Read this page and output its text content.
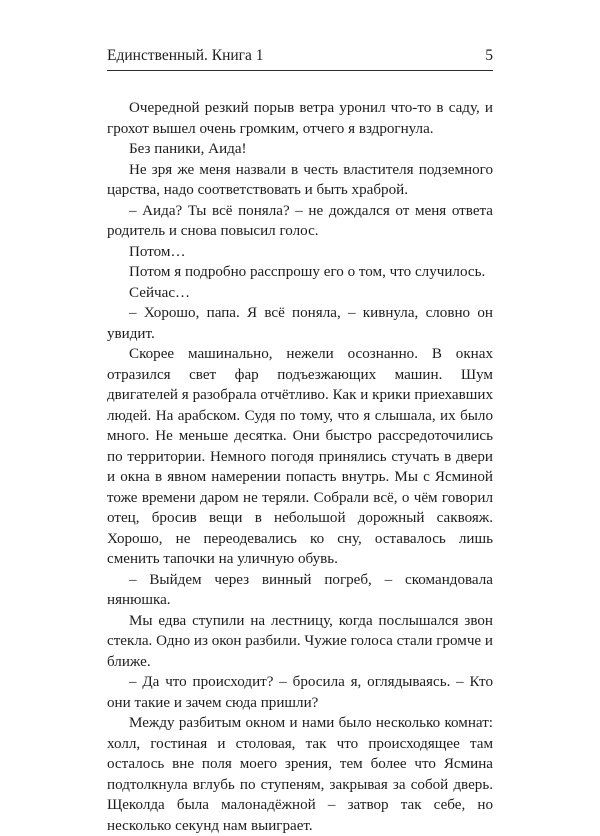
Единственный. Книга 1	5

Очередной резкий порыв ветра уронил что-то в саду, и грохот вышел очень громким, отчего я вздрогнула.

Без паники, Аида!

Не зря же меня назвали в честь властителя подземного царства, надо соответствовать и быть храброй.

– Аида? Ты всё поняла? – не дождался от меня ответа родитель и снова повысил голос.

Потом…

Потом я подробно расспрошу его о том, что случилось.

Сейчас…

– Хорошо, папа. Я всё поняла, – кивнула, словно он увидит.

Скорее машинально, нежели осознанно. В окнах отразился свет фар подъезжающих машин. Шум двигателей я разобрала отчётливо. Как и крики приехавших людей. На арабском. Судя по тому, что я слышала, их было много. Не меньше десятка. Они быстро рассредоточились по территории. Немного погодя принялись стучать в двери и окна в явном намерении попасть внутрь. Мы с Ясминой тоже времени даром не теряли. Собрали всё, о чём говорил отец, бросив вещи в небольшой дорожный саквояж. Хорошо, не переодевались ко сну, оставалось лишь сменить тапочки на уличную обувь.

– Выйдем через винный погреб, – скомандовала нянюшка.

Мы едва ступили на лестницу, когда послышался звон стекла. Одно из окон разбили. Чужие голоса стали громче и ближе.

– Да что происходит? – бросила я, оглядываясь. – Кто они такие и зачем сюда пришли?

Между разбитым окном и нами было несколько комнат: холл, гостиная и столовая, так что происходящее там осталось вне поля моего зрения, тем более что Ясмина подтолкнула вглубь по ступеням, закрывая за собой дверь. Щеколда была малонадёжной – затвор так себе, но несколько секунд нам выиграет.
